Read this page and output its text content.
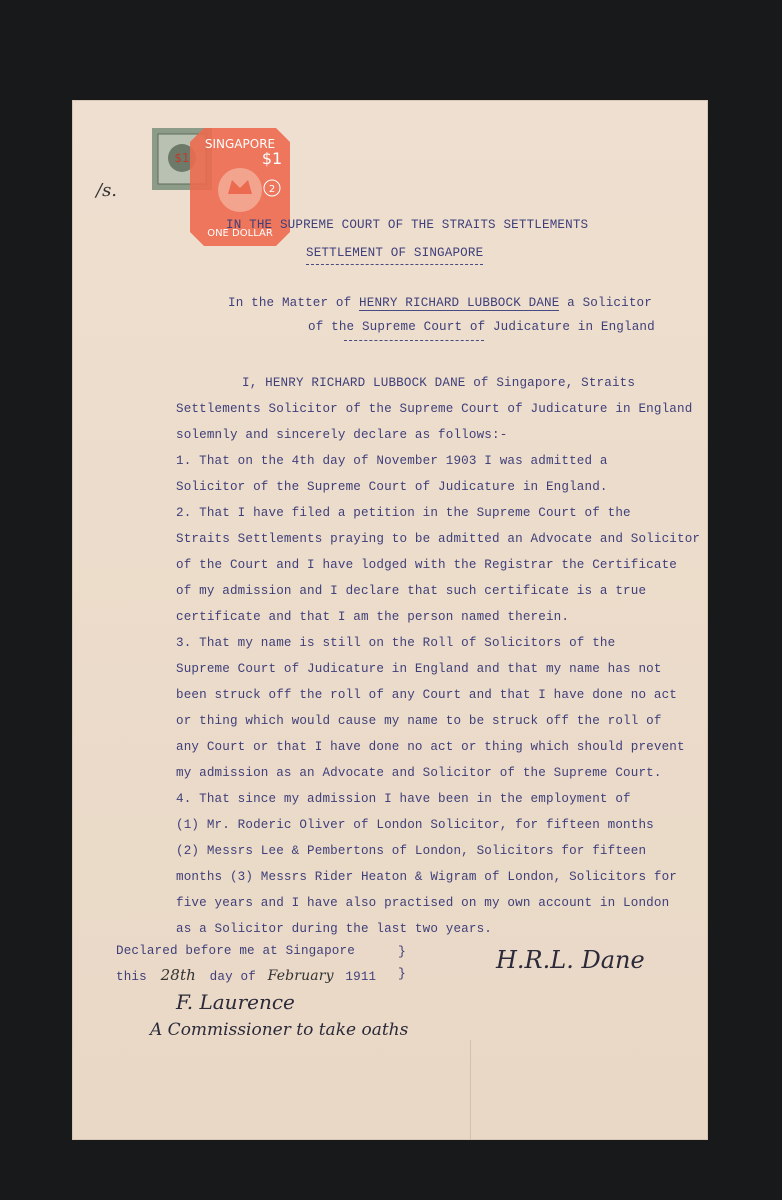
$1
SINGAPORE
$1
2
ONE DOLLAR
/s.
IN THE SUPREME COURT OF THE STRAITS SETTLEMENTS
SETTLEMENT OF SINGAPORE
In the Matter of HENRY RICHARD LUBBOCK DANE a Solicitor
of the Supreme Court of Judicature in England
I, HENRY RICHARD LUBBOCK DANE of Singapore, Straits
Settlements Solicitor of the Supreme Court of Judicature in England
solemnly and sincerely declare as follows:-
1. That on the 4th day of November 1903 I was admitted a
Solicitor of the Supreme Court of Judicature in England.
2. That I have filed a petition in the Supreme Court of the
Straits Settlements praying to be admitted an Advocate and Solicitor
of the Court and I have lodged with the Registrar the Certificate
of my admission and I declare that such certificate is a true
certificate and that I am the person named therein.
3. That my name is still on the Roll of Solicitors of the
Supreme Court of Judicature in England and that my name has not
been struck off the roll of any Court and that I have done no act
or thing which would cause my name to be struck off the roll of
any Court or that I have done no act or thing which should prevent
my admission as an Advocate and Solicitor of the Supreme Court.
4. That since my admission I have been in the employment of
(1) Mr. Roderic Oliver of London Solicitor, for fifteen months
(2) Messrs Lee & Pembertons of London, Solicitors for fifteen
months (3) Messrs Rider Heaton & Wigram of London, Solicitors for
five years and I have also practised on my own account in London
as a Solicitor during the last two years.
Declared before me at Singapore
this 28th day of February 1911
}
}	H.R.L. Dane
F. Laurence
A Commissioner to take oaths
